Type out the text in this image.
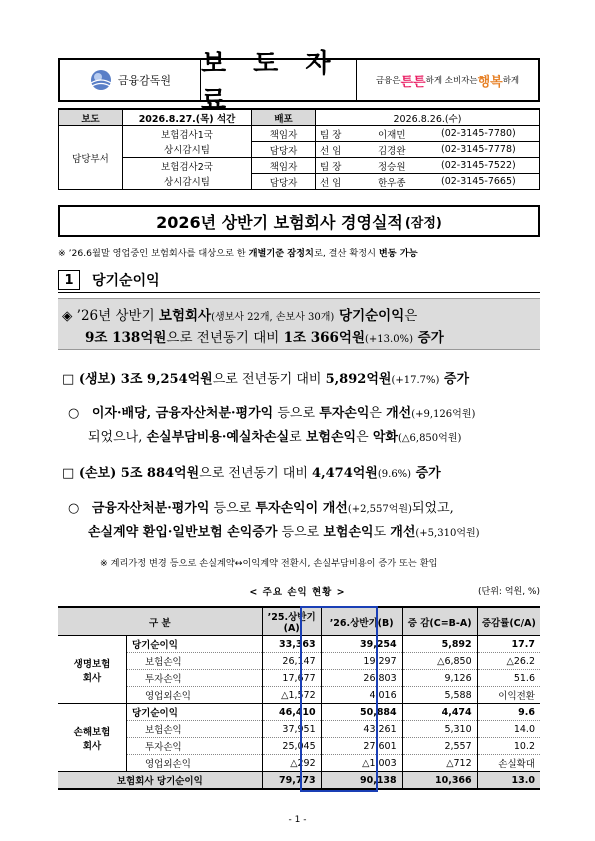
금융감독원
보 도 자 료
금융은 튼튼 하게 소비자는 행복 하게
보도	2026.8.27.(목) 석간	배포	2026.8.26.(수)		
담당부서	보험검사1국	책임자	팀 장	이재민	(02-3145-7780)
	상시감시팀	담당자	선 임	김경완	(02-3145-7778)
	보험검사2국	책임자	팀 장	정승원	(02-3145-7522)
	상시감시팀	담당자	선 임	한우종	(02-3145-7665)
2026년 상반기 보험회사 경영실적 (잠정)
※ ’26.6월말 영업중인 보험회사를 대상으로 한 개별기준 잠정치로, 결산 확정시 변동 가능
1	당기순이익
◈ ’26년 상반기 보험회사(생보사 22개, 손보사 30개) 당기순이익은
9조 138억원으로 전년동기 대비 1조 366억원(+13.0%) 증가
□ (생보) 3조 9,254억원으로 전년동기 대비 5,892억원(+17.7%) 증가
○ 이자·배당, 금융자산처분·평가익 등으로 투자손익은 개선(+9,126억원)
되었으나, 손실부담비용·예실차손실로 보험손익은 악화(△6,850억원)
□ (손보) 5조 884억원으로 전년동기 대비 4,474억원(9.6%) 증가
○ 금융자산처분·평가익 등으로 투자손익이 개선(+2,557억원)되었고,
손실계약 환입·일반보험 손익증가 등으로 보험손익도 개선(+5,310억원)
※ 계리가정 변경 등으로 손실계약↔이익계약 전환시, 손실부담비용이 증가 또는 환입
< 주요 손익 현황 >	(단위: 억원, %)
구 분		’25.상반기(A)	’26.상반기(B)	증 감(C=B-A)	증감률(C/A)
생명보험
회사	당기순이익	33,363	39,254	5,892	17.7
	보험손익	26,147	19,297	△6,850	△26.2
	투자손익	17,677	26,803	9,126	51.6
	영업외손익	△1,572	4,016	5,588	이익전환
손해보험
회사	당기순이익	46,410	50,884	4,474	9.6
	보험손익	37,951	43,261	5,310	14.0
	투자손익	25,045	27,601	2,557	10.2
	영업외손익	△292	△1,003	△712	손실확대
보험회사 당기순이익		79,773	90,138	10,366	13.0
- 1 -
